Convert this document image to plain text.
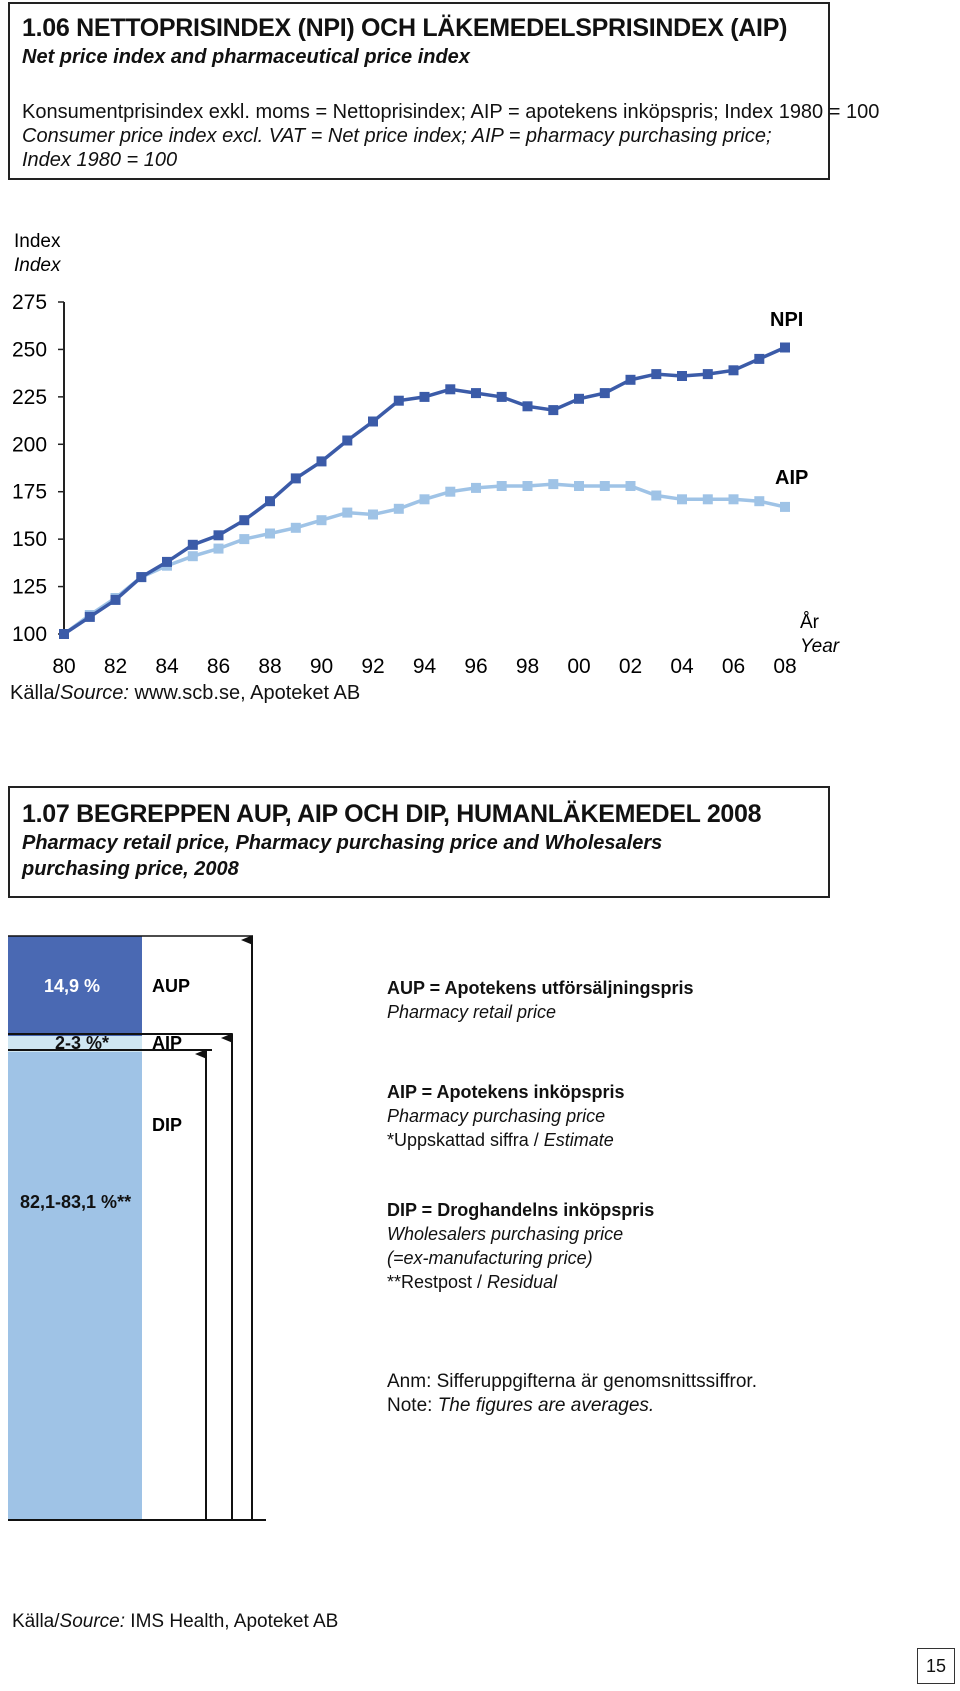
1.06 NETTOPRISINDEX (NPI) OCH LÄKEMEDELSPRISINDEX (AIP)
Net price index and pharmaceutical price index
Konsumentprisindex exkl. moms = Nettoprisindex; AIP = apotekens inköpspris; Index 1980 = 100
Consumer price index excl. VAT = Net price index; AIP = pharmacy purchasing price;
Index 1980 = 100
Index
Index
100
125
150
175
200
225
250
275
80 82 84 86 88 90 92 94 96 98 00 02 04 06 08
NPI
AIP
År
Year
Källa/Source: www.scb.se, Apoteket AB
1.07 BEGREPPEN AUP, AIP OCH DIP, HUMANLÄKEMEDEL 2008
Pharmacy retail price, Pharmacy purchasing price and Wholesalers
purchasing price, 2008
14,9 %
2-3 %*
82,1-83,1 %**
AUP
AIP
DIP
AUP = Apotekens utförsäljningspris
Pharmacy retail price
AIP = Apotekens inköpspris
Pharmacy purchasing price
*Uppskattad siffra / Estimate
DIP = Droghandelns inköpspris
Wholesalers purchasing price
(=ex-manufacturing price)
**Restpost / Residual
Anm: Sifferuppgifterna är genomsnittssiffror.
Note: The figures are averages.
Källa/Source: IMS Health, Apoteket AB
15
